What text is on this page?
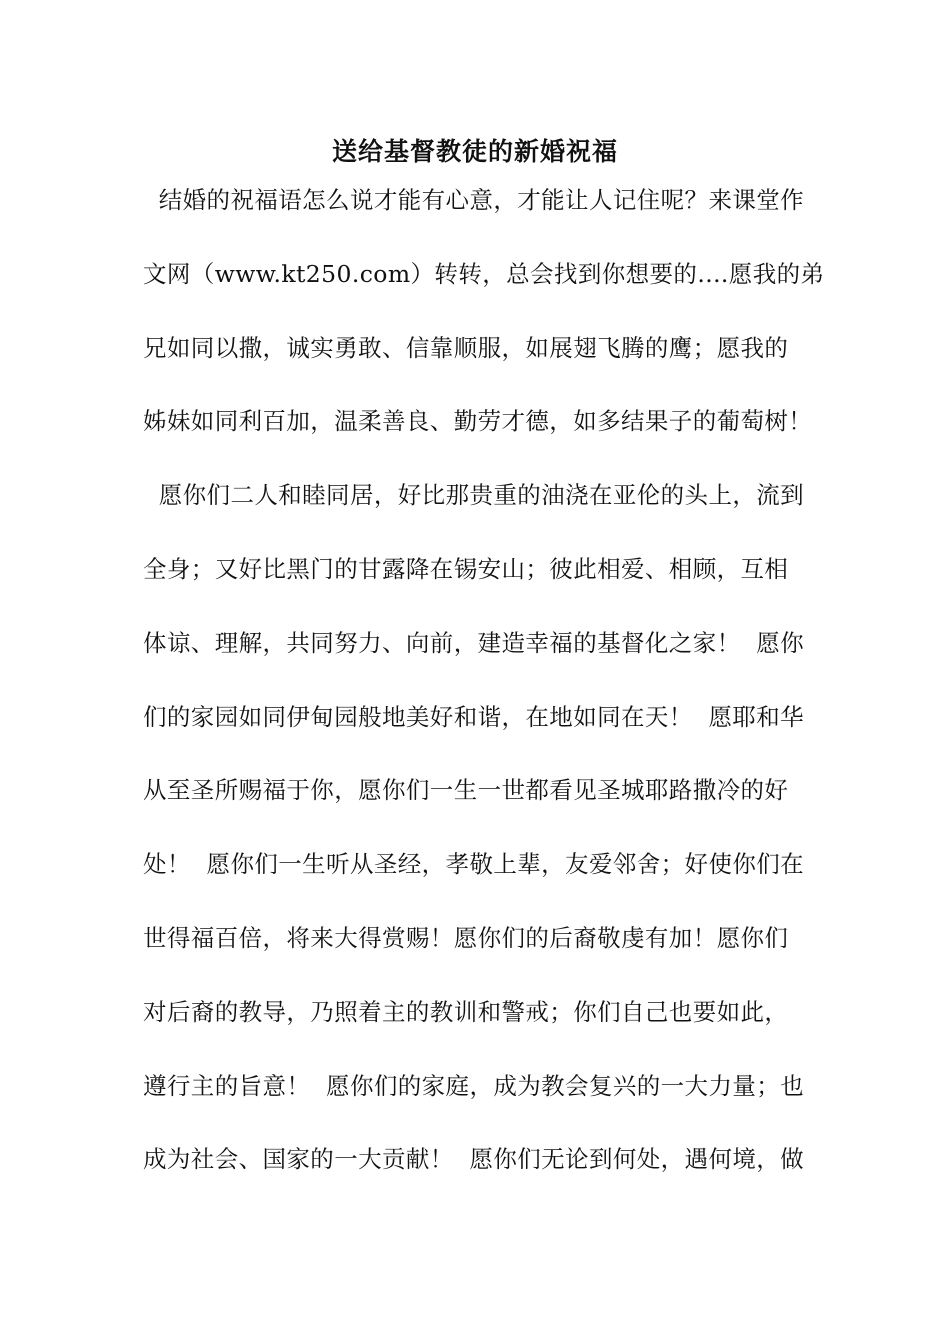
送给基督教徒的新婚祝福
结婚的祝福语怎么说才能有心意，才能让人记住呢？来课堂作
文网（www.kt250.com）转转，总会找到你想要的....愿我的弟
兄如同以撒，诚实勇敢、信靠顺服，如展翅飞腾的鹰；愿我的
姊妹如同利百加，温柔善良、勤劳才德，如多结果子的葡萄树！
愿你们二人和睦同居，好比那贵重的油浇在亚伦的头上，流到
全身；又好比黑门的甘露降在锡安山；彼此相爱、相顾，互相
体谅、理解，共同努力、向前，建造幸福的基督化之家！  愿你
们的家园如同伊甸园般地美好和谐，在地如同在天！  愿耶和华
从至圣所赐福于你，愿你们一生一世都看见圣城耶路撒冷的好
处！  愿你们一生听从圣经，孝敬上辈，友爱邻舍；好使你们在
世得福百倍，将来大得赏赐！愿你们的后裔敬虔有加！愿你们
对后裔的教导，乃照着主的教训和警戒；你们自己也要如此，
遵行主的旨意！  愿你们的家庭，成为教会复兴的一大力量；也
成为社会、国家的一大贡献！  愿你们无论到何处，遇何境，做
